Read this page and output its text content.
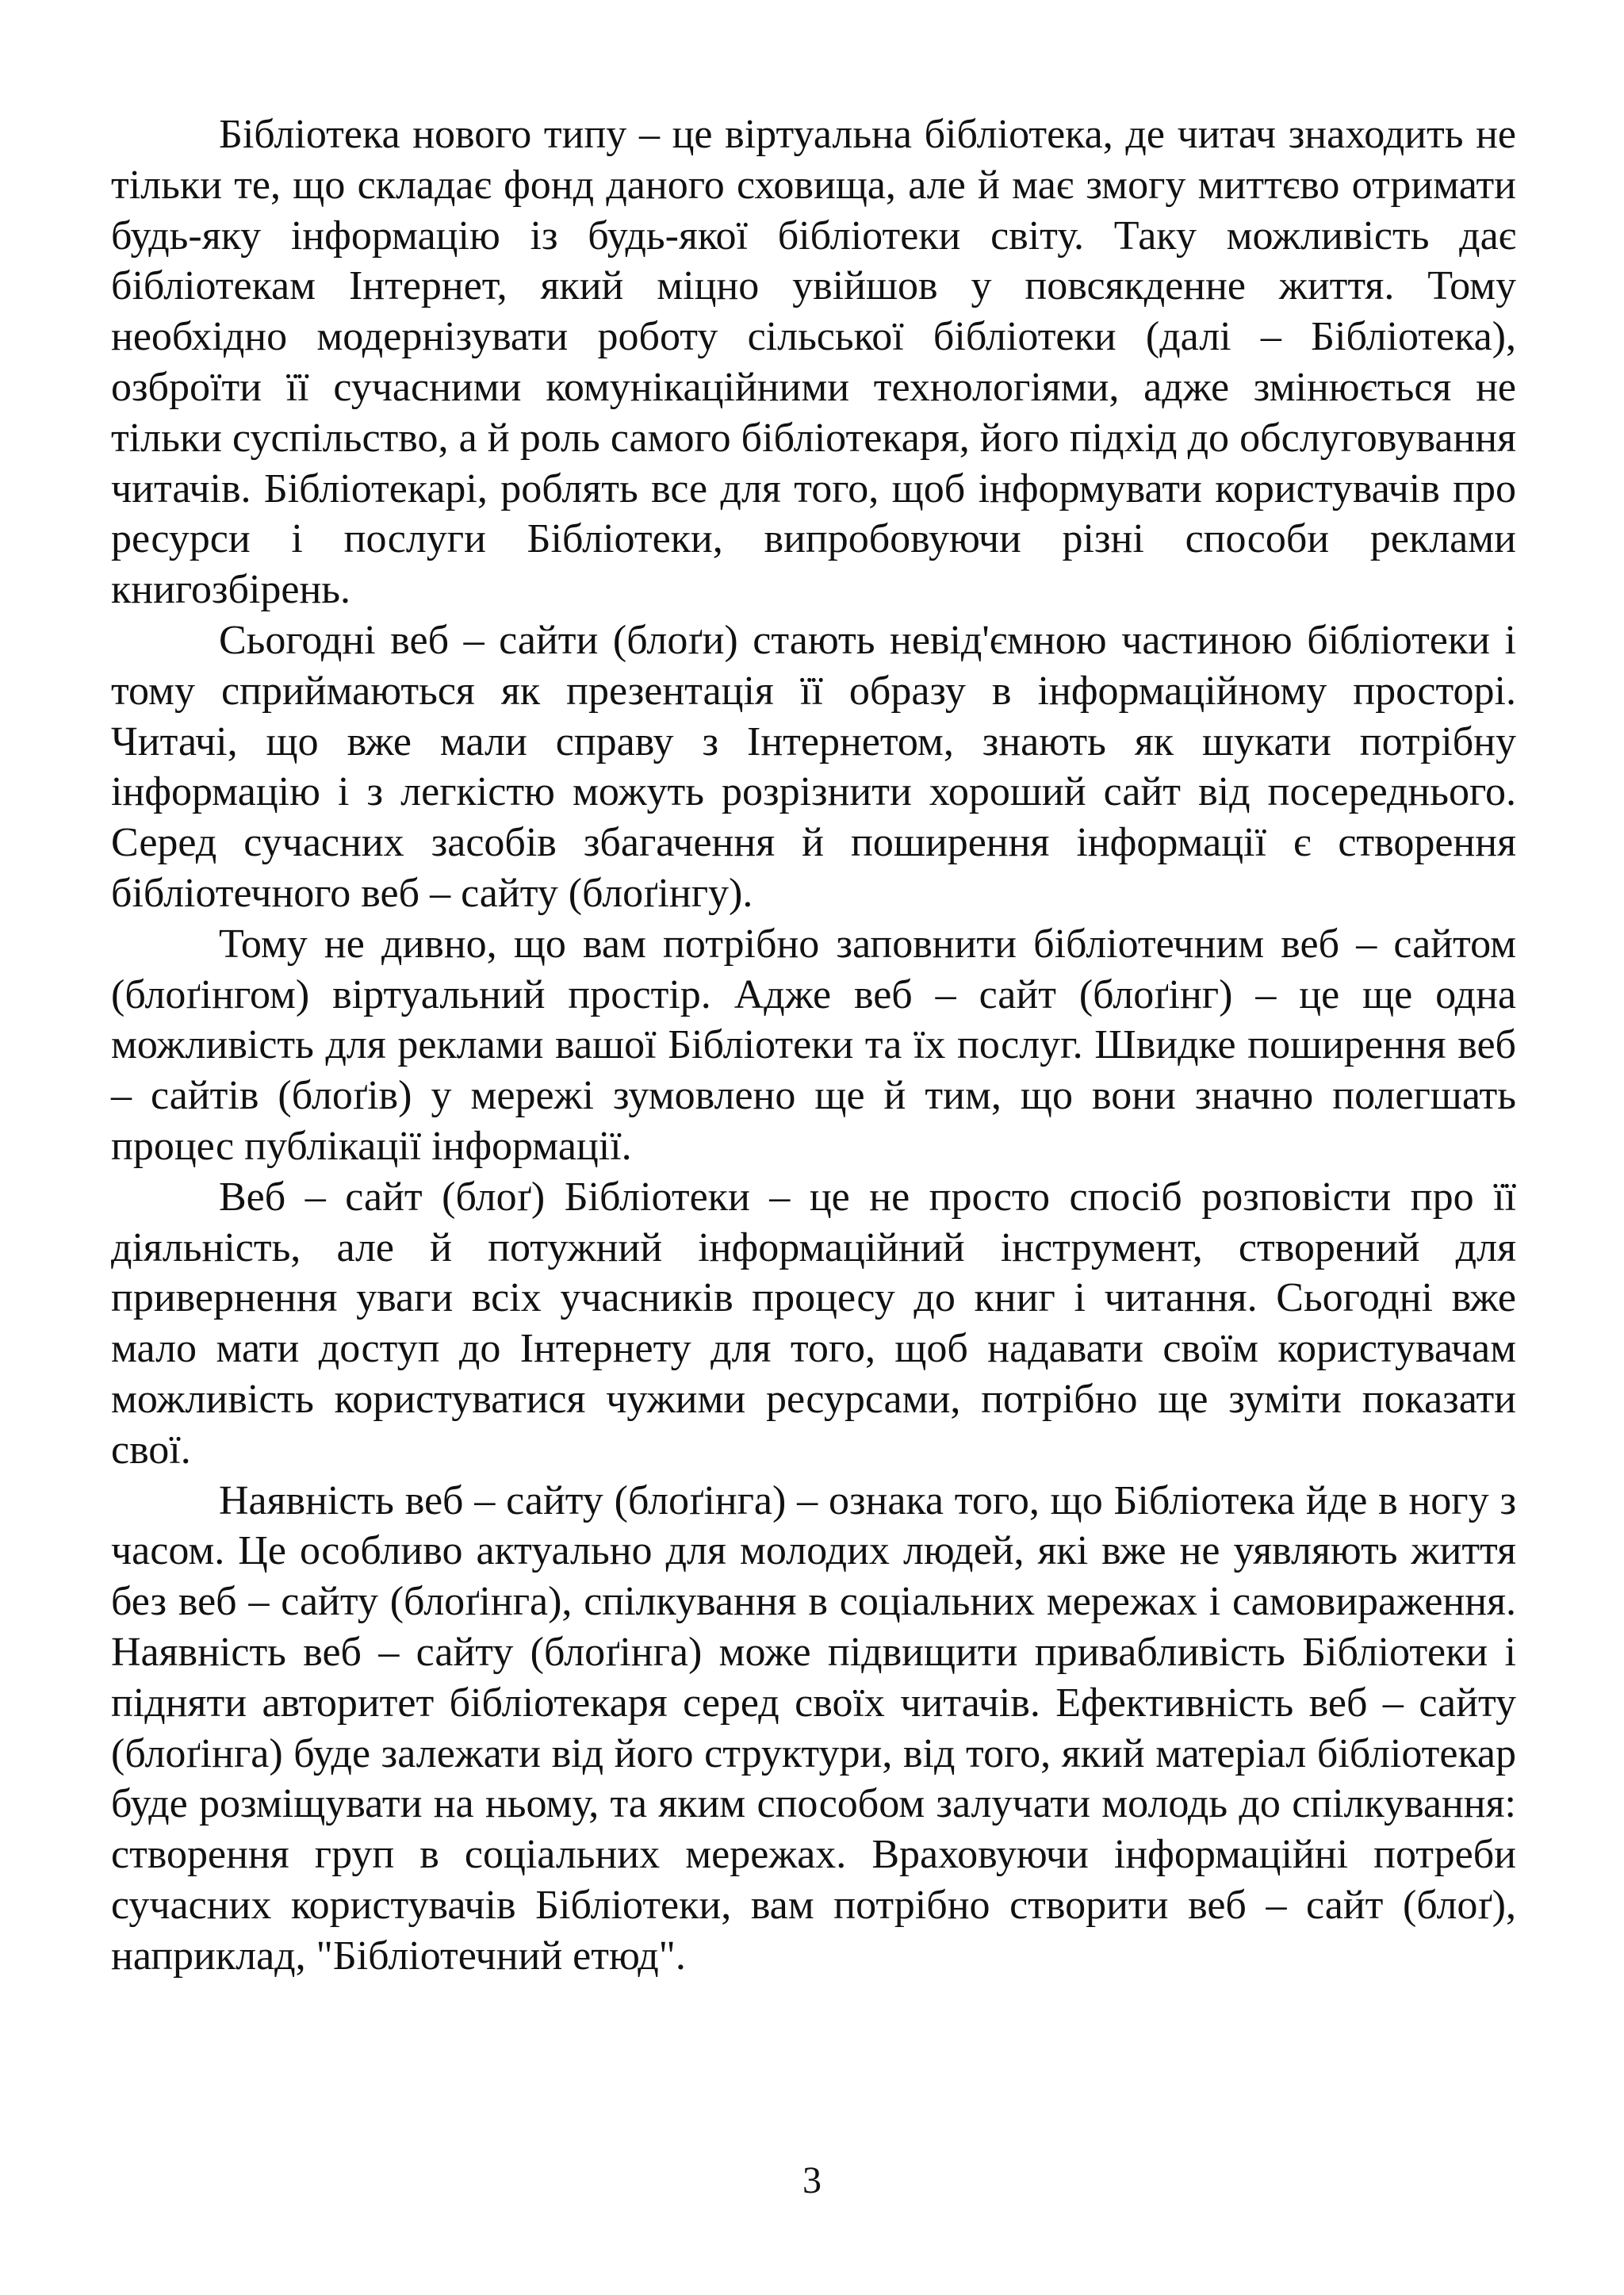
Бібліотека нового типу – це віртуальна бібліотека, де читач знаходить не тільки те, що складає фонд даного сховища, але й має змогу миттєво отримати будь-яку інформацію із будь-якої бібліотеки світу. Таку можливість дає бібліотекам Інтернет, який міцно увійшов у повсякденне життя. Тому необхідно модернізувати роботу сільської бібліотеки (далі – Бібліотека), озброїти її сучасними комунікаційними технологіями, адже змінюється не тільки суспільство, а й роль самого бібліотекаря, його підхід до обслуговування читачів. Бібліотекарі, роблять все для того, щоб інформувати користувачів про ресурси і послуги Бібліотеки, випробовуючи різні способи реклами книгозбірень.

Сьогодні веб – сайти (блоґи) стають невід'ємною частиною бібліотеки і тому сприймаються як презентація її образу в інформаційному просторі. Читачі, що вже мали справу з Інтернетом, знають як шукати потрібну інформацію і з легкістю можуть розрізнити хороший сайт від посереднього. Серед сучасних засобів збагачення й поширення інформації є створення бібліотечного веб – сайту (блоґінгу).

Тому не дивно, що вам потрібно заповнити бібліотечним веб – сайтом (блоґінгом) віртуальний простір. Адже веб – сайт (блоґінг) – це ще одна можливість для реклами вашої Бібліотеки та їх послуг. Швидке поширення веб – сайтів (блоґів) у мережі зумовлено ще й тим, що вони значно полегшать процес публікації інформації.

Веб – сайт (блоґ) Бібліотеки – це не просто спосіб розповісти про її діяльність, але й потужний інформаційний інструмент, створений для привернення уваги всіх учасників процесу до книг і читання. Сьогодні вже мало мати доступ до Інтернету для того, щоб надавати своїм користувачам можливість користуватися чужими ресурсами, потрібно ще зуміти показати свої.

Наявність веб – сайту (блоґінга) – ознака того, що Бібліотека йде в ногу з часом. Це особливо актуально для молодих людей, які вже не уявляють життя без веб – сайту (блоґінга), спілкування в соціальних мережах і самовираження. Наявність веб – сайту (блоґінга) може підвищити привабливість Бібліотеки і підняти авторитет бібліотекаря серед своїх читачів. Ефективність веб – сайту (блоґінга) буде залежати від його структури, від того, який матеріал бібліотекар буде розміщувати на ньому, та яким способом залучати молодь до спілкування: створення груп в соціальних мережах. Враховуючи інформаційні потреби сучасних користувачів Бібліотеки, вам потрібно створити веб – сайт (блоґ), наприклад, "Бібліотечний етюд".

3
